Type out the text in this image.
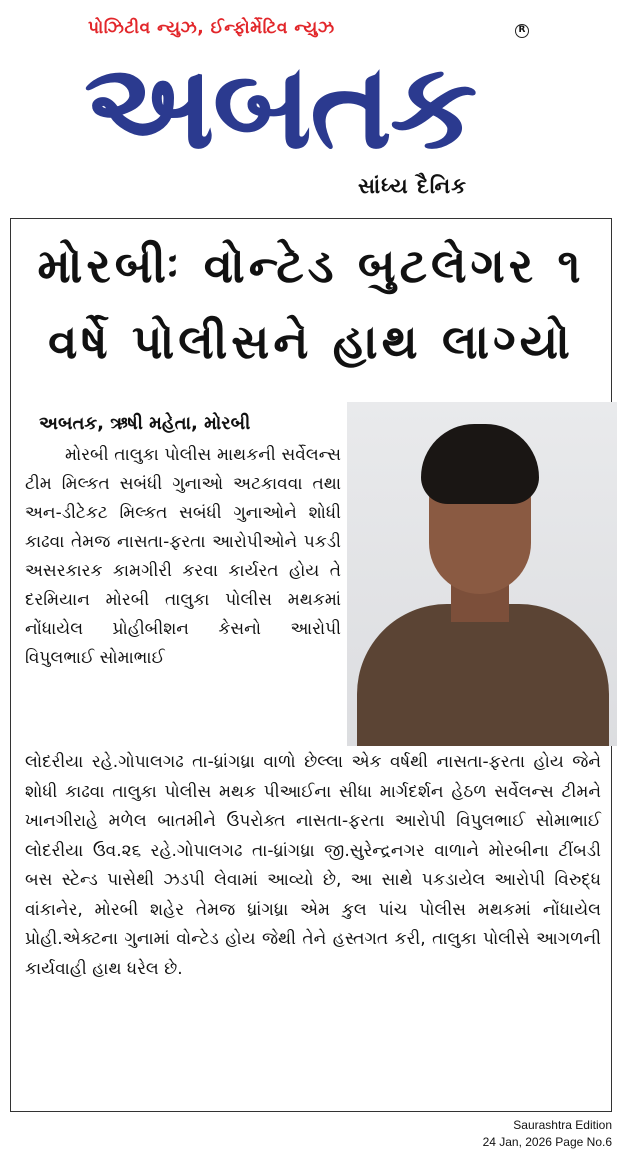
પોઝિટીવ ન્યુઝ, ઈન્ફોર્મેટિવ ન્યુઝ	R
અબતક
સાંધ્ય દૈનિક
મોરબીઃ વોન્ટેડ બુટલેગર ૧
વર્ષે પોલીસને હાથ લાગ્યો
અબતક, ઋષી મહેતા, મોરબી
મોરબી તાલુકા પોલીસ માથકની સર્વેલન્સ ટીમ મિલ્કત સબંધી ગુનાઓ અટકાવવા તથા અન-ડીટેકટ મિલ્કત સબંધી ગુનાઓને શોધી કાઢવા તેમજ નાસતા-ફરતા આરોપીઓને પકડી અસરકારક કામગીરી કરવા કાર્યરત હોય તે દરમિયાન મોરબી તાલુકા પોલીસ મથકમાં નોંધાયેલ પ્રોહીબીશન કેસનો આરોપી વિપુલભાઈ સોમાભાઈ
લોદરીયા રહે.ગોપાલગઢ તા-ધ્રાંગધ્રા વાળો છેલ્લા એક વર્ષથી નાસતા-ફરતા હોય જેને શોધી કાઢવા તાલુકા પોલીસ મથક પીઆઈના સીધા માર્ગદર્શન હેઠળ સર્વેલન્સ ટીમને ખાનગીરાહે મળેલ બાતમીને ઉપરોક્ત નાસતા-ફરતા આરોપી વિપુલભાઈ સોમાભાઈ લોદરીયા ઉવ.૨૬ રહે.ગોપાલગઢ તા-ધ્રાંગધ્રા જી.સુરેન્દ્રનગર વાળાને મોરબીના ટીંબડી બસ સ્ટેન્ડ પાસેથી ઝડપી લેવામાં આવ્યો છે, આ સાથે પકડાયેલ આરોપી વિરુદ્ધ વાંકાનેર, મોરબી શહેર તેમજ ધ્રાંગધ્રા એમ કુલ પાંચ પોલીસ મથકમાં નોંધાયેલ પ્રોહી.એક્ટના ગુનામાં વોન્ટેડ હોય જેથી તેને હસ્તગત કરી, તાલુકા પોલીસે આગળની કાર્યવાહી હાથ ધરેલ છે.
Saurashtra Edition
24 Jan, 2026 Page No.6
